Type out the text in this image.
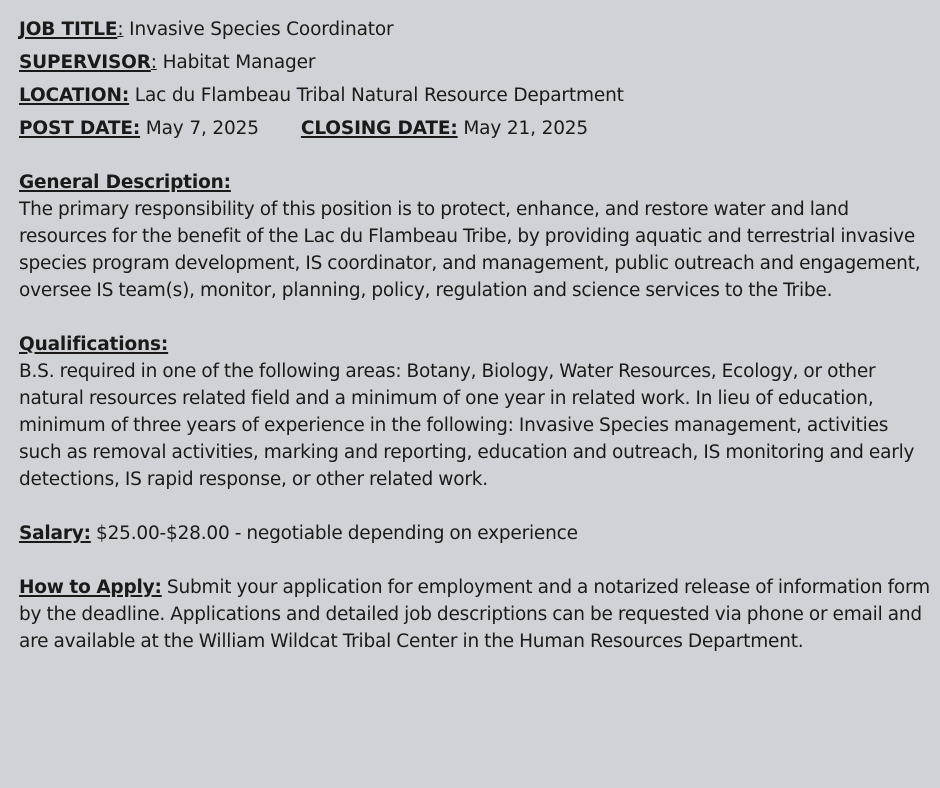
JOB TITLE: Invasive Species Coordinator
SUPERVISOR: Habitat Manager
LOCATION: Lac du Flambeau Tribal Natural Resource Department
POST DATE: May 7, 2025 CLOSING DATE: May 21, 2025
General Description:

The primary responsibility of this position is to protect, enhance, and restore water and land resources for the benefit of the Lac du Flambeau Tribe, by providing aquatic and terrestrial invasive species program development, IS coordinator, and management, public outreach and engagement, oversee IS team(s), monitor, planning, policy, regulation and science services to the Tribe.

Qualifications:

B.S. required in one of the following areas: Botany, Biology, Water Resources, Ecology, or other natural resources related field and a minimum of one year in related work. In lieu of education, minimum of three years of experience in the following: Invasive Species management, activities such as removal activities, marking and reporting, education and outreach, IS monitoring and early detections, IS rapid response, or other related work.

Salary: $25.00-$28.00 - negotiable depending on experience

How to Apply: Submit your application for employment and a notarized release of information form by the deadline. Applications and detailed job descriptions can be requested via phone or email and are available at the William Wildcat Tribal Center in the Human Resources Department.
